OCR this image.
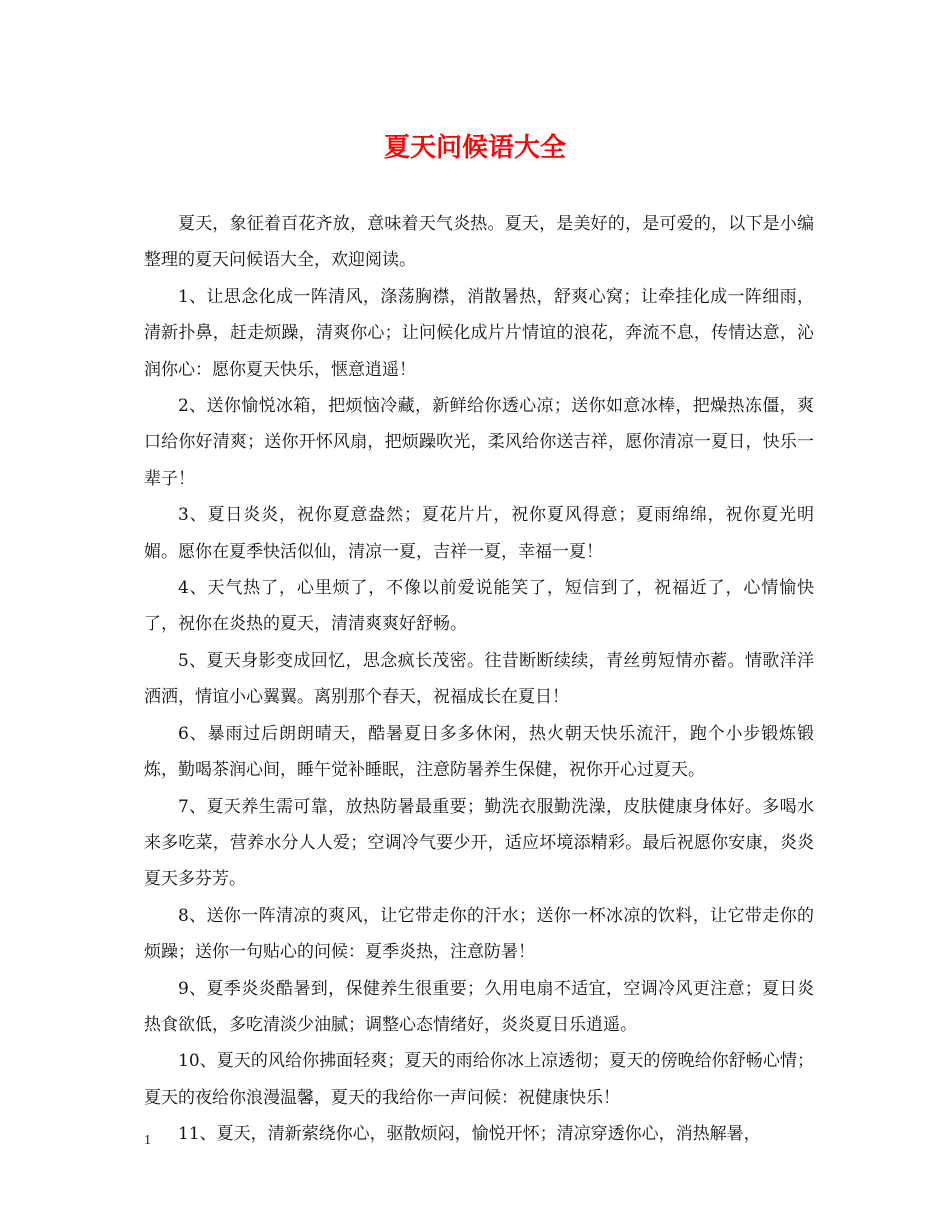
夏天问候语大全

夏天，象征着百花齐放，意味着天气炎热。夏天，是美好的，是可爱的，以下是小编整理的夏天问候语大全，欢迎阅读。

1、让思念化成一阵清风，涤荡胸襟，消散暑热，舒爽心窝；让牵挂化成一阵细雨，清新扑鼻，赶走烦躁，清爽你心；让问候化成片片情谊的浪花，奔流不息，传情达意，沁润你心：愿你夏天快乐，惬意逍遥！

2、送你愉悦冰箱，把烦恼冷藏，新鲜给你透心凉；送你如意冰棒，把燥热冻僵，爽口给你好清爽；送你开怀风扇，把烦躁吹光，柔风给你送吉祥，愿你清凉一夏日，快乐一辈子！

3、夏日炎炎，祝你夏意盎然；夏花片片，祝你夏风得意；夏雨绵绵，祝你夏光明媚。愿你在夏季快活似仙，清凉一夏，吉祥一夏，幸福一夏！

4、天气热了，心里烦了，不像以前爱说能笑了，短信到了，祝福近了，心情愉快了，祝你在炎热的夏天，清清爽爽好舒畅。

5、夏天身影变成回忆，思念疯长茂密。往昔断断续续，青丝剪短情亦蓄。情歌洋洋洒洒，情谊小心翼翼。离别那个春天，祝福成长在夏日！

6、暴雨过后朗朗晴天，酷暑夏日多多休闲，热火朝天快乐流汗，跑个小步锻炼锻炼，勤喝茶润心间，睡午觉补睡眠，注意防暑养生保健，祝你开心过夏天。

7、夏天养生需可靠，放热防暑最重要；勤洗衣服勤洗澡，皮肤健康身体好。多喝水来多吃菜，营养水分人人爱；空调冷气要少开，适应坏境添精彩。最后祝愿你安康，炎炎夏天多芬芳。

8、送你一阵清凉的爽风，让它带走你的汗水；送你一杯冰凉的饮料，让它带走你的烦躁；送你一句贴心的问候：夏季炎热，注意防暑！

9、夏季炎炎酷暑到，保健养生很重要；久用电扇不适宜，空调冷风更注意；夏日炎热食欲低，多吃清淡少油腻；调整心态情绪好，炎炎夏日乐逍遥。

10、夏天的风给你拂面轻爽；夏天的雨给你冰上凉透彻；夏天的傍晚给你舒畅心情；夏天的夜给你浪漫温馨，夏天的我给你一声问候：祝健康快乐！

11、夏天，清新萦绕你心，驱散烦闷，愉悦开怀；清凉穿透你心，消热解暑，

1
